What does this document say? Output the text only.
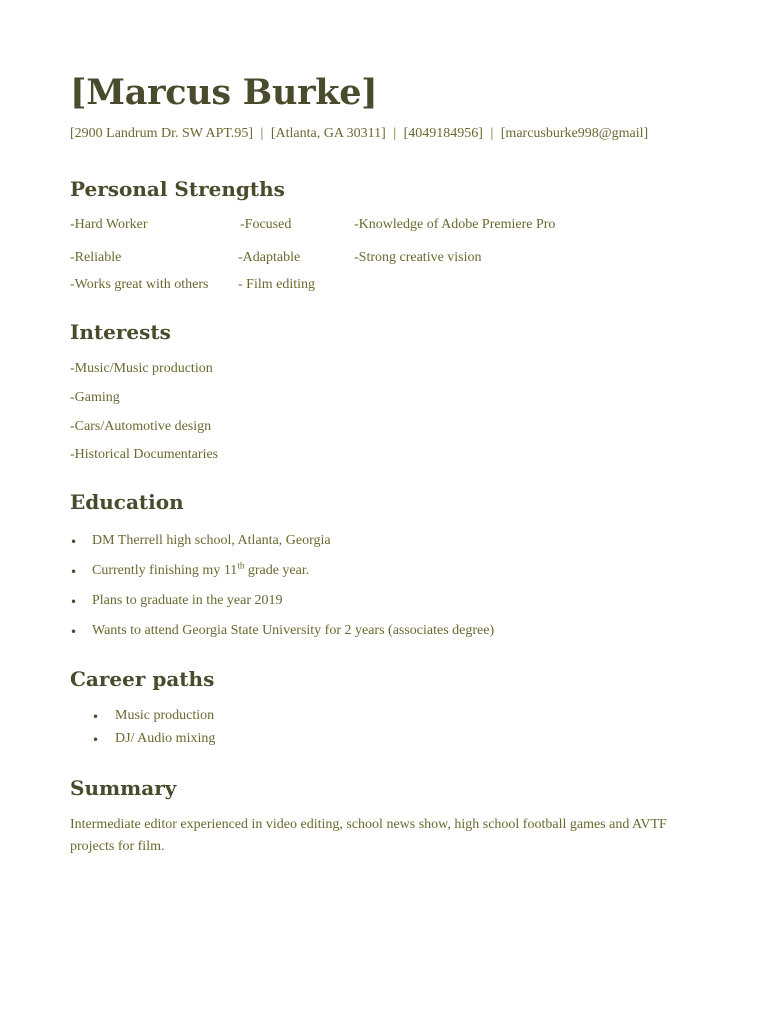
[Marcus Burke]
[2900 Landrum Dr. SW APT.95] | [Atlanta, GA 30311] | [4049184956] | [marcusburke998@gmail]
Personal Strengths
-Hard Worker	-Focused	-Knowledge of Adobe Premiere Pro
-Reliable	-Adaptable	-Strong creative vision
-Works great with others - Film editing
Interests
-Music/Music production
-Gaming
-Cars/Automotive design
-Historical Documentaries
Education
• DM Therrell high school, Atlanta, Georgia
• Currently finishing my 11th grade year.
• Plans to graduate in the year 2019
• Wants to attend Georgia State University for 2 years (associates degree)
Career paths
• Music production
• DJ/ Audio mixing
Summary
Intermediate editor experienced in video editing, school news show, high school football games and AVTF projects for film.
